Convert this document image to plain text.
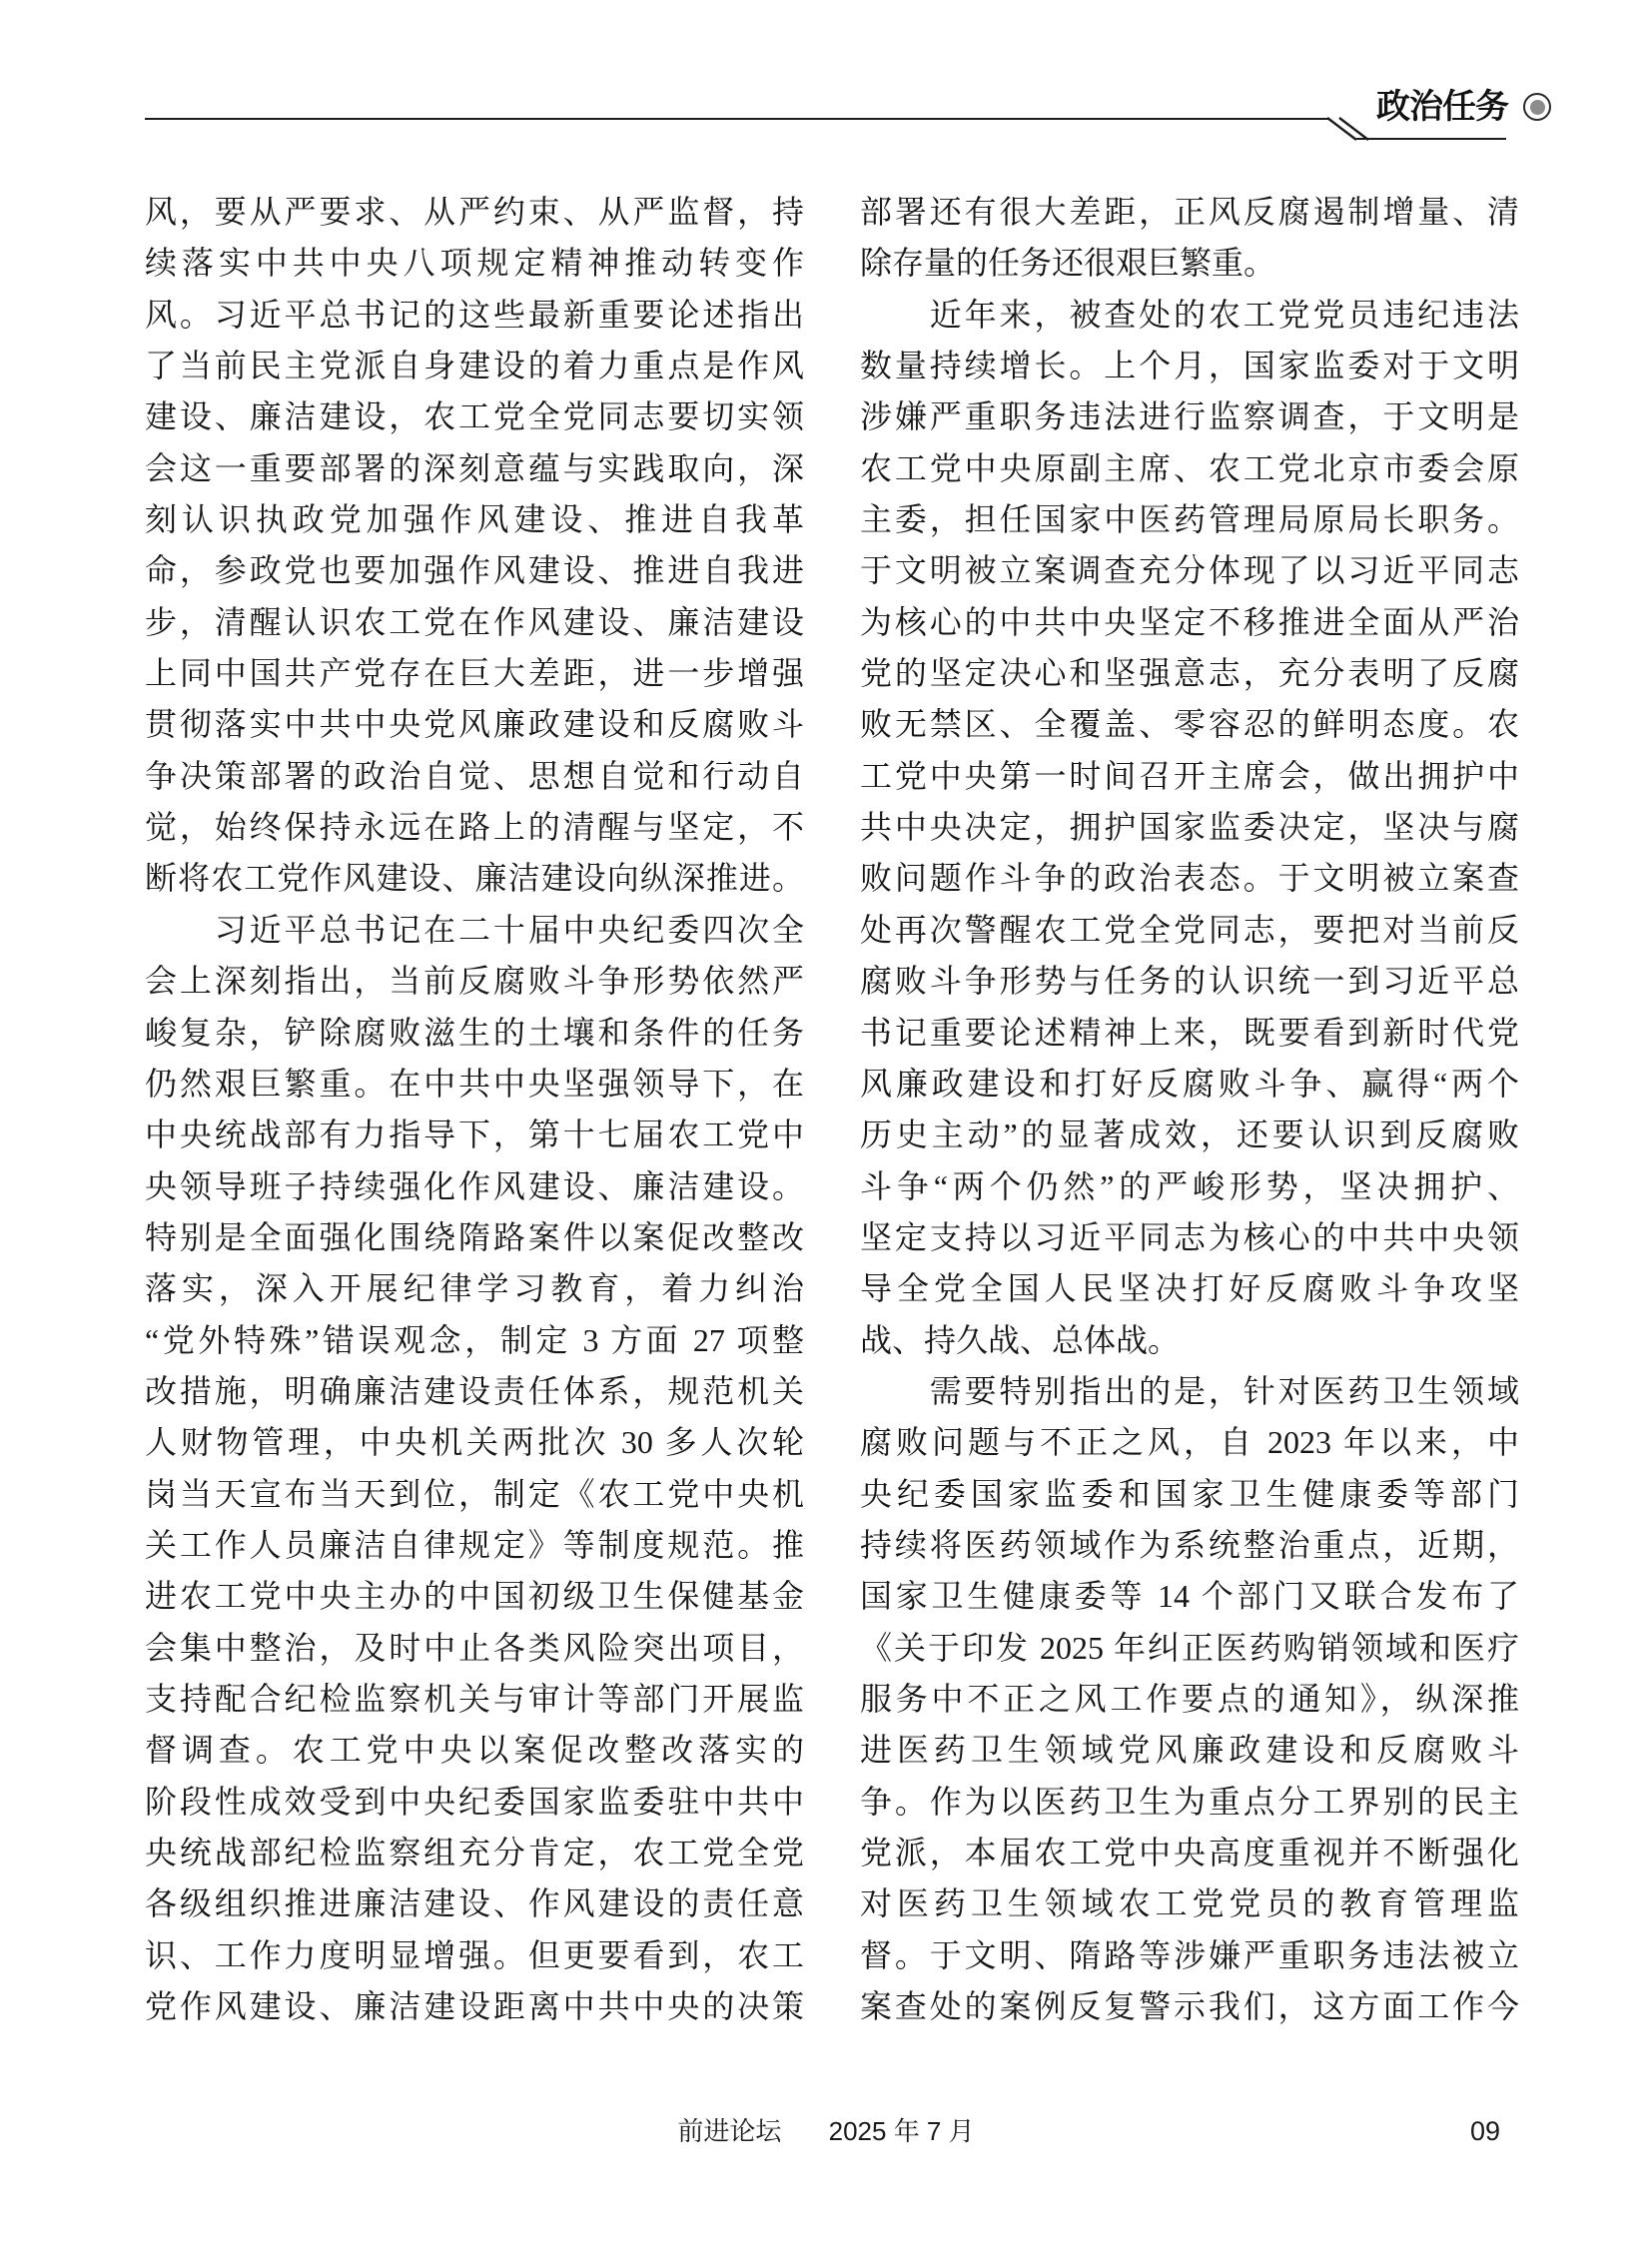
政治任务
风，要从严要求、从严约束、从严监督，持
续落实中共中央八项规定精神推动转变作
风。习近平总书记的这些最新重要论述指出
了当前民主党派自身建设的着力重点是作风
建设、廉洁建设，农工党全党同志要切实领
会这一重要部署的深刻意蕴与实践取向，深
刻认识执政党加强作风建设、推进自我革
命，参政党也要加强作风建设、推进自我进
步，清醒认识农工党在作风建设、廉洁建设
上同中国共产党存在巨大差距，进一步增强
贯彻落实中共中央党风廉政建设和反腐败斗
争决策部署的政治自觉、思想自觉和行动自
觉，始终保持永远在路上的清醒与坚定，不
断将农工党作风建设、廉洁建设向纵深推进。
　　习近平总书记在二十届中央纪委四次全
会上深刻指出，当前反腐败斗争形势依然严
峻复杂，铲除腐败滋生的土壤和条件的任务
仍然艰巨繁重。在中共中央坚强领导下，在
中央统战部有力指导下，第十七届农工党中
央领导班子持续强化作风建设、廉洁建设。
特别是全面强化围绕隋路案件以案促改整改
落实，深入开展纪律学习教育，着力纠治
“党外特殊”错误观念，制定 3 方面 27 项整
改措施，明确廉洁建设责任体系，规范机关
人财物管理，中央机关两批次 30 多人次轮
岗当天宣布当天到位，制定《农工党中央机
关工作人员廉洁自律规定》等制度规范。推
进农工党中央主办的中国初级卫生保健基金
会集中整治，及时中止各类风险突出项目，
支持配合纪检监察机关与审计等部门开展监
督调查。农工党中央以案促改整改落实的
阶段性成效受到中央纪委国家监委驻中共中
央统战部纪检监察组充分肯定，农工党全党
各级组织推进廉洁建设、作风建设的责任意
识、工作力度明显增强。但更要看到，农工
党作风建设、廉洁建设距离中共中央的决策
部署还有很大差距，正风反腐遏制增量、清
除存量的任务还很艰巨繁重。
　　近年来，被查处的农工党党员违纪违法
数量持续增长。上个月，国家监委对于文明
涉嫌严重职务违法进行监察调查，于文明是
农工党中央原副主席、农工党北京市委会原
主委，担任国家中医药管理局原局长职务。
于文明被立案调查充分体现了以习近平同志
为核心的中共中央坚定不移推进全面从严治
党的坚定决心和坚强意志，充分表明了反腐
败无禁区、全覆盖、零容忍的鲜明态度。农
工党中央第一时间召开主席会，做出拥护中
共中央决定，拥护国家监委决定，坚决与腐
败问题作斗争的政治表态。于文明被立案查
处再次警醒农工党全党同志，要把对当前反
腐败斗争形势与任务的认识统一到习近平总
书记重要论述精神上来，既要看到新时代党
风廉政建设和打好反腐败斗争、赢得“两个
历史主动”的显著成效，还要认识到反腐败
斗争“两个仍然”的严峻形势，坚决拥护、
坚定支持以习近平同志为核心的中共中央领
导全党全国人民坚决打好反腐败斗争攻坚
战、持久战、总体战。
　　需要特别指出的是，针对医药卫生领域
腐败问题与不正之风，自 2023 年以来，中
央纪委国家监委和国家卫生健康委等部门
持续将医药领域作为系统整治重点，近期，
国家卫生健康委等 14 个部门又联合发布了
《关于印发 2025 年纠正医药购销领域和医疗
服务中不正之风工作要点的通知》，纵深推
进医药卫生领域党风廉政建设和反腐败斗
争。作为以医药卫生为重点分工界别的民主
党派，本届农工党中央高度重视并不断强化
对医药卫生领域农工党党员的教育管理监
督。于文明、隋路等涉嫌严重职务违法被立
案查处的案例反复警示我们，这方面工作今
前进论坛 2025 年 7 月	09
